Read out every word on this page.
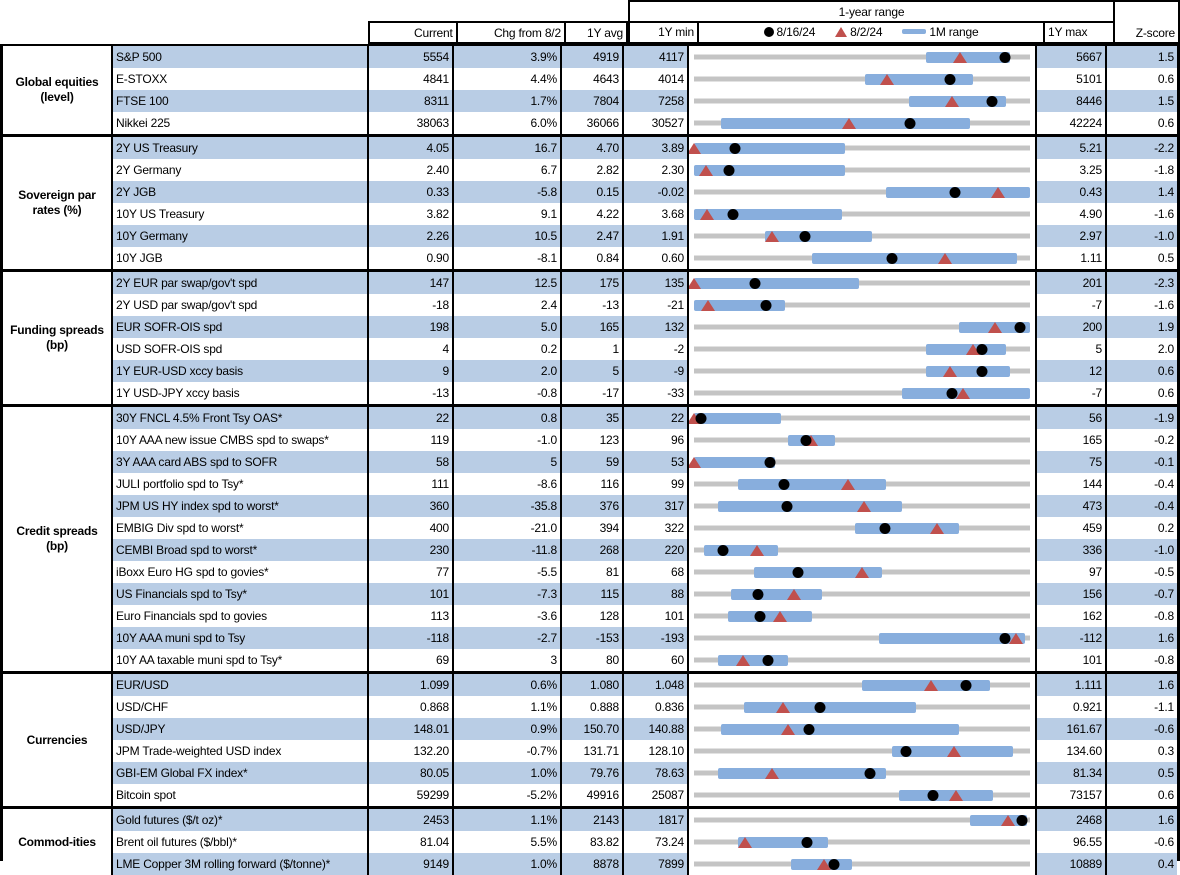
Current	Chg from 8/2	1Y avg
1-year range
1Y min	8/16/24	8/2/24	1M range	1Y max	Z-score
Global equities (level)
S&P 500	5554	3.9%	4919	4117	5667	1.5
E-STOXX	4841	4.4%	4643	4014	5101	0.6
FTSE 100	8311	1.7%	7804	7258	8446	1.5
Nikkei 225	38063	6.0%	36066	30527	42224	0.6
Sovereign par rates (%)
2Y US Treasury	4.05	16.7	4.70	3.89	5.21	-2.2
2Y Germany	2.40	6.7	2.82	2.30	3.25	-1.8
2Y JGB	0.33	-5.8	0.15	-0.02	0.43	1.4
10Y US Treasury	3.82	9.1	4.22	3.68	4.90	-1.6
10Y Germany	2.26	10.5	2.47	1.91	2.97	-1.0
10Y JGB	0.90	-8.1	0.84	0.60	1.11	0.5
Funding spreads (bp)
2Y EUR par swap/gov't spd	147	12.5	175	135	201	-2.3
2Y USD par swap/gov't spd	-18	2.4	-13	-21	-7	-1.6
EUR SOFR-OIS spd	198	5.0	165	132	200	1.9
USD SOFR-OIS spd	4	0.2	1	-2	5	2.0
1Y EUR-USD xccy basis	9	2.0	5	-9	12	0.6
1Y USD-JPY xccy basis	-13	-0.8	-17	-33	-7	0.6
Credit spreads (bp)
30Y FNCL 4.5% Front Tsy OAS*	22	0.8	35	22	56	-1.9
10Y AAA new issue CMBS spd to swaps*	119	-1.0	123	96	165	-0.2
3Y AAA card ABS spd to SOFR	58	5	59	53	75	-0.1
JULI portfolio spd to Tsy*	111	-8.6	116	99	144	-0.4
JPM US HY index spd to worst*	360	-35.8	376	317	473	-0.4
EMBIG Div spd to worst*	400	-21.0	394	322	459	0.2
CEMBI Broad spd to worst*	230	-11.8	268	220	336	-1.0
iBoxx Euro HG spd to govies*	77	-5.5	81	68	97	-0.5
US Financials spd to Tsy*	101	-7.3	115	88	156	-0.7
Euro Financials spd to govies	113	-3.6	128	101	162	-0.8
10Y AAA muni spd to Tsy	-118	-2.7	-153	-193	-112	1.6
10Y AA taxable muni spd to Tsy*	69	3	80	60	101	-0.8
Currencies
EUR/USD	1.099	0.6%	1.080	1.048	1.111	1.6
USD/CHF	0.868	1.1%	0.888	0.836	0.921	-1.1
USD/JPY	148.01	0.9%	150.70	140.88	161.67	-0.6
JPM Trade-weighted USD index	132.20	-0.7%	131.71	128.10	134.60	0.3
GBI-EM Global FX index*	80.05	1.0%	79.76	78.63	81.34	0.5
Bitcoin spot	59299	-5.2%	49916	25087	73157	0.6
Commod-ities
Gold futures ($/t oz)*	2453	1.1%	2143	1817	2468	1.6
Brent oil futures ($/bbl)*	81.04	5.5%	83.82	73.24	96.55	-0.6
LME Copper 3M rolling forward ($/tonne)*	9149	1.0%	8878	7899	10889	0.4
